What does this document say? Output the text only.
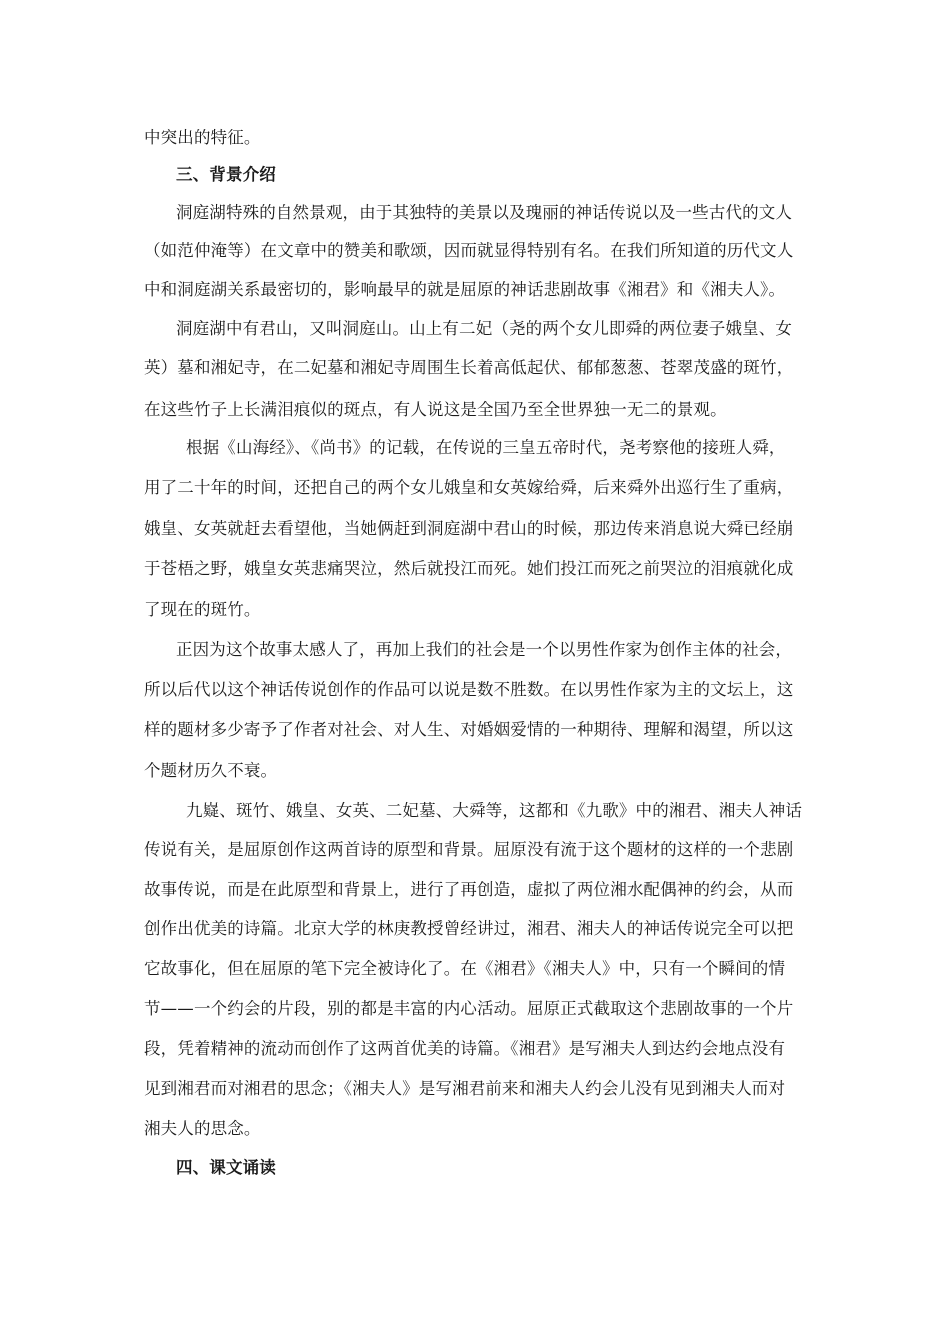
中突出的特征。
三、背景介绍
洞庭湖特殊的自然景观，由于其独特的美景以及瑰丽的神话传说以及一些古代的文人
（如范仲淹等）在文章中的赞美和歌颂，因而就显得特别有名。在我们所知道的历代文人
中和洞庭湖关系最密切的，影响最早的就是屈原的神话悲剧故事《湘君》和《湘夫人》。
洞庭湖中有君山，又叫洞庭山。山上有二妃（尧的两个女儿即舜的两位妻子娥皇、女
英）墓和湘妃寺，在二妃墓和湘妃寺周围生长着高低起伏、郁郁葱葱、苍翠茂盛的斑竹，
在这些竹子上长满泪痕似的斑点，有人说这是全国乃至全世界独一无二的景观。
根据《山海经》、《尚书》的记载，在传说的三皇五帝时代，尧考察他的接班人舜，
用了二十年的时间，还把自己的两个女儿娥皇和女英嫁给舜，后来舜外出巡行生了重病，
娥皇、女英就赶去看望他，当她俩赶到洞庭湖中君山的时候，那边传来消息说大舜已经崩
于苍梧之野，娥皇女英悲痛哭泣，然后就投江而死。她们投江而死之前哭泣的泪痕就化成
了现在的斑竹。
正因为这个故事太感人了，再加上我们的社会是一个以男性作家为创作主体的社会，
所以后代以这个神话传说创作的作品可以说是数不胜数。在以男性作家为主的文坛上，这
样的题材多少寄予了作者对社会、对人生、对婚姻爱情的一种期待、理解和渴望，所以这
个题材历久不衰。
九嶷、斑竹、娥皇、女英、二妃墓、大舜等，这都和《九歌》中的湘君、湘夫人神话
传说有关，是屈原创作这两首诗的原型和背景。屈原没有流于这个题材的这样的一个悲剧
故事传说，而是在此原型和背景上，进行了再创造，虚拟了两位湘水配偶神的约会，从而
创作出优美的诗篇。北京大学的林庚教授曾经讲过，湘君、湘夫人的神话传说完全可以把
它故事化，但在屈原的笔下完全被诗化了。在《湘君》《湘夫人》中，只有一个瞬间的情
节——一个约会的片段，别的都是丰富的内心活动。屈原正式截取这个悲剧故事的一个片
段，凭着精神的流动而创作了这两首优美的诗篇。《湘君》是写湘夫人到达约会地点没有
见到湘君而对湘君的思念；《湘夫人》是写湘君前来和湘夫人约会儿没有见到湘夫人而对
湘夫人的思念。
四、课文诵读
